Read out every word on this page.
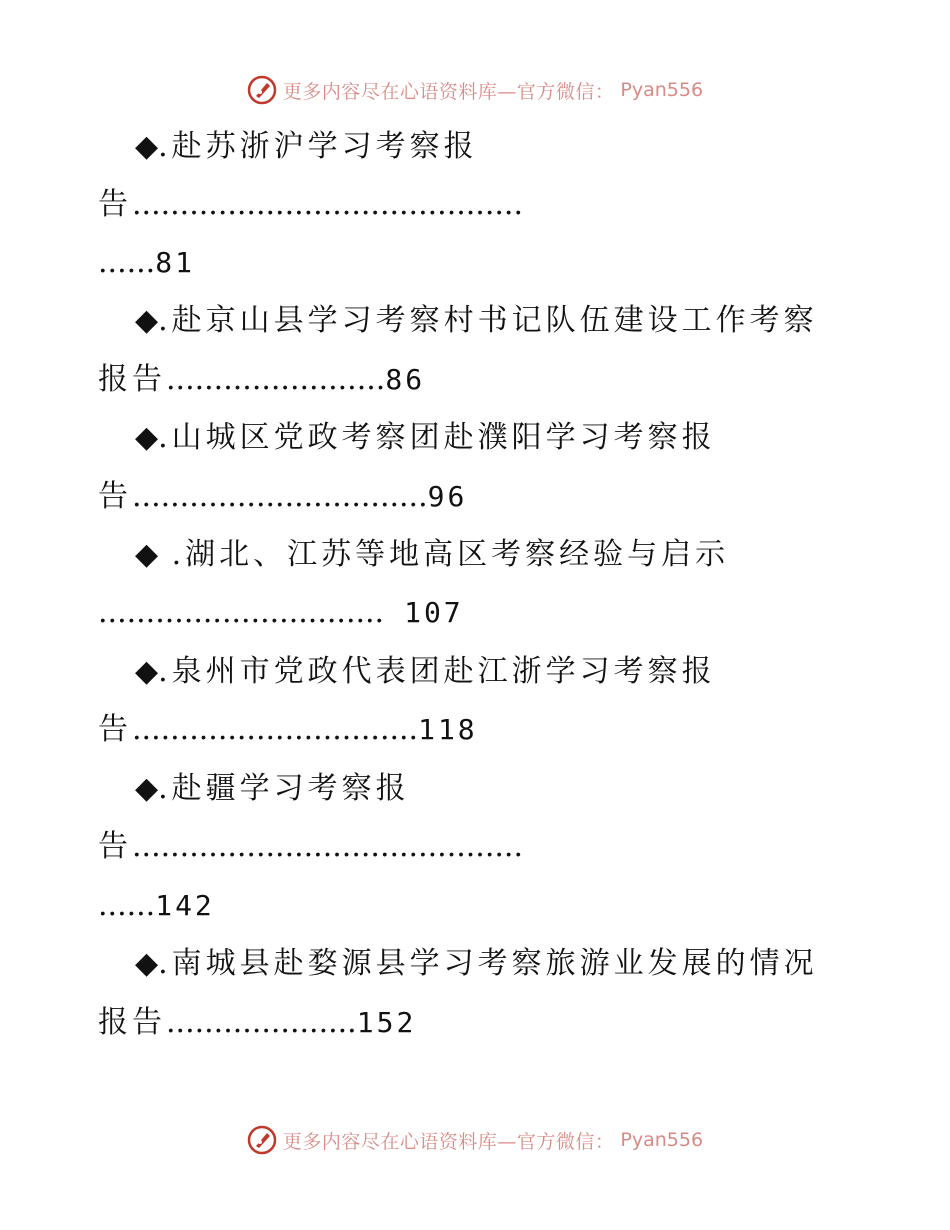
更多内容尽在心语资料库—官方微信： Pyan556
◆.赴苏浙沪学习考察报
告.........................................
......81
◆.赴京山县学习考察村书记队伍建设工作考察
报告.......................86
◆.山城区党政考察团赴濮阳学习考察报
告...............................96
◆ .湖北、江苏等地高区考察经验与启示
.............................. 107
◆.泉州市党政代表团赴江浙学习考察报
告..............................118
◆.赴疆学习考察报
告.........................................
......142
◆.南城县赴婺源县学习考察旅游业发展的情况
报告....................152
更多内容尽在心语资料库—官方微信： Pyan556
